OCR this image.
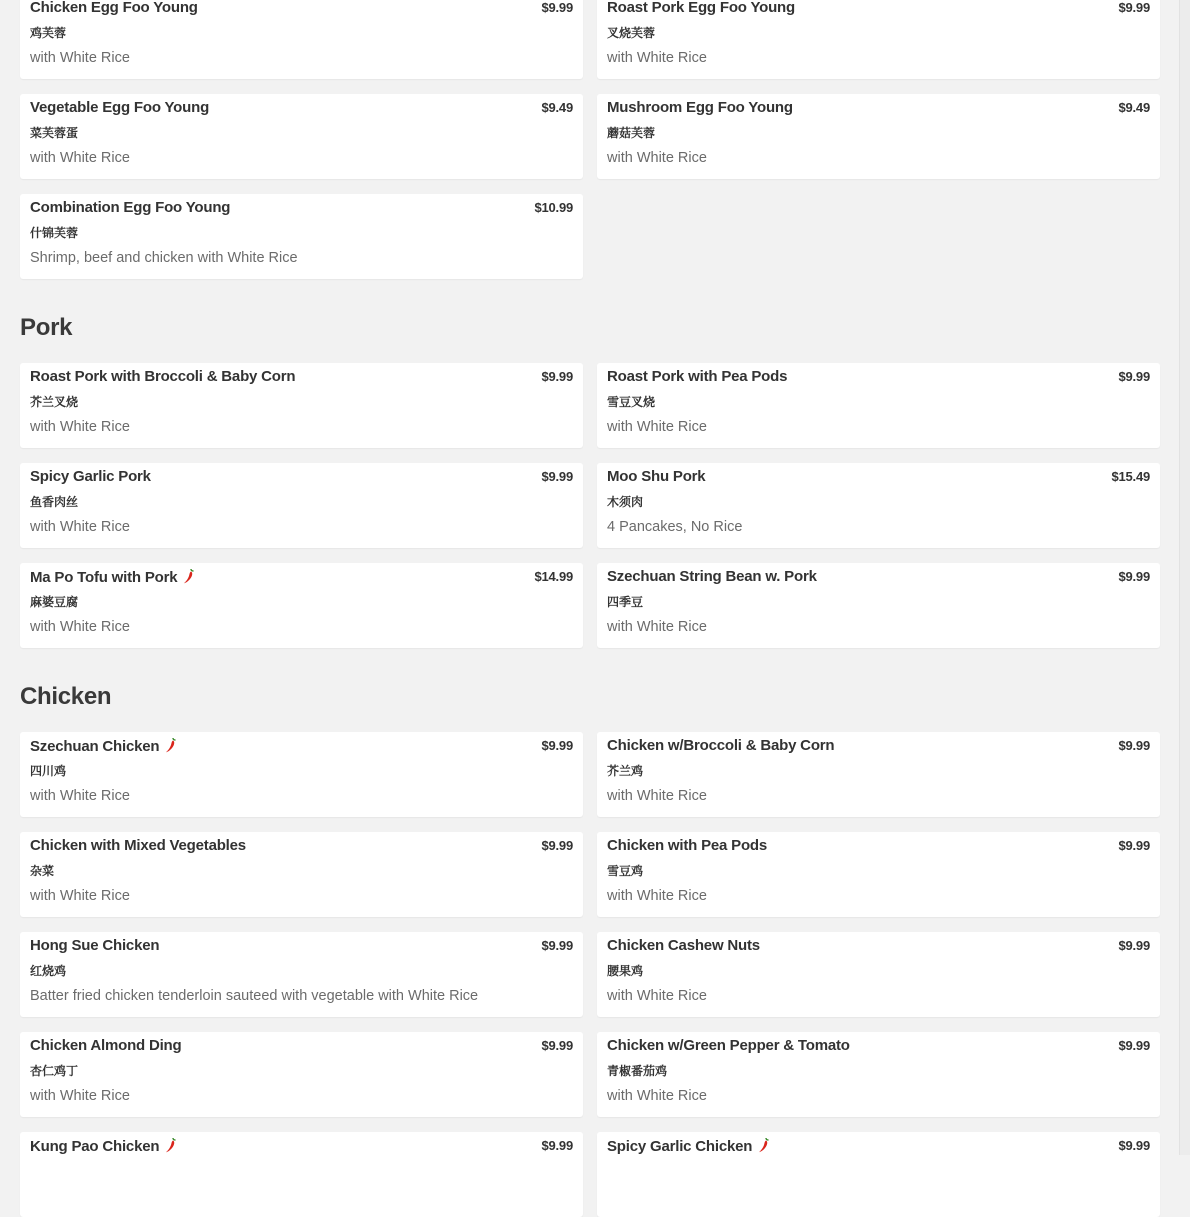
Chicken Egg Foo Young	$9.99
鸡芙蓉
with White Rice
Roast Pork Egg Foo Young	$9.99
叉烧芙蓉
with White Rice
Vegetable Egg Foo Young	$9.49
菜芙蓉蛋
with White Rice
Mushroom Egg Foo Young	$9.49
蘑菇芙蓉
with White Rice
Combination Egg Foo Young	$10.99
什锦芙蓉
Shrimp, beef and chicken with White Rice
Pork
Roast Pork with Broccoli & Baby Corn	$9.99
芥兰叉烧
with White Rice
Roast Pork with Pea Pods	$9.99
雪豆叉烧
with White Rice
Spicy Garlic Pork	$9.99
鱼香肉丝
with White Rice
Moo Shu Pork	$15.49
木须肉
4 Pancakes, No Rice
Ma Po Tofu with Pork	$14.99
麻婆豆腐
with White Rice
Szechuan String Bean w. Pork	$9.99
四季豆
with White Rice
Chicken
Szechuan Chicken	$9.99
四川鸡
with White Rice
Chicken w/Broccoli & Baby Corn	$9.99
芥兰鸡
with White Rice
Chicken with Mixed Vegetables	$9.99
杂菜
with White Rice
Chicken with Pea Pods	$9.99
雪豆鸡
with White Rice
Hong Sue Chicken	$9.99
红烧鸡
Batter fried chicken tenderloin sauteed with vegetable with White Rice
Chicken Cashew Nuts	$9.99
腰果鸡
with White Rice
Chicken Almond Ding	$9.99
杏仁鸡丁
with White Rice
Chicken w/Green Pepper & Tomato	$9.99
青椒番茄鸡
with White Rice
Kung Pao Chicken	$9.99 Spicy Garlic Chicken	$9.99
